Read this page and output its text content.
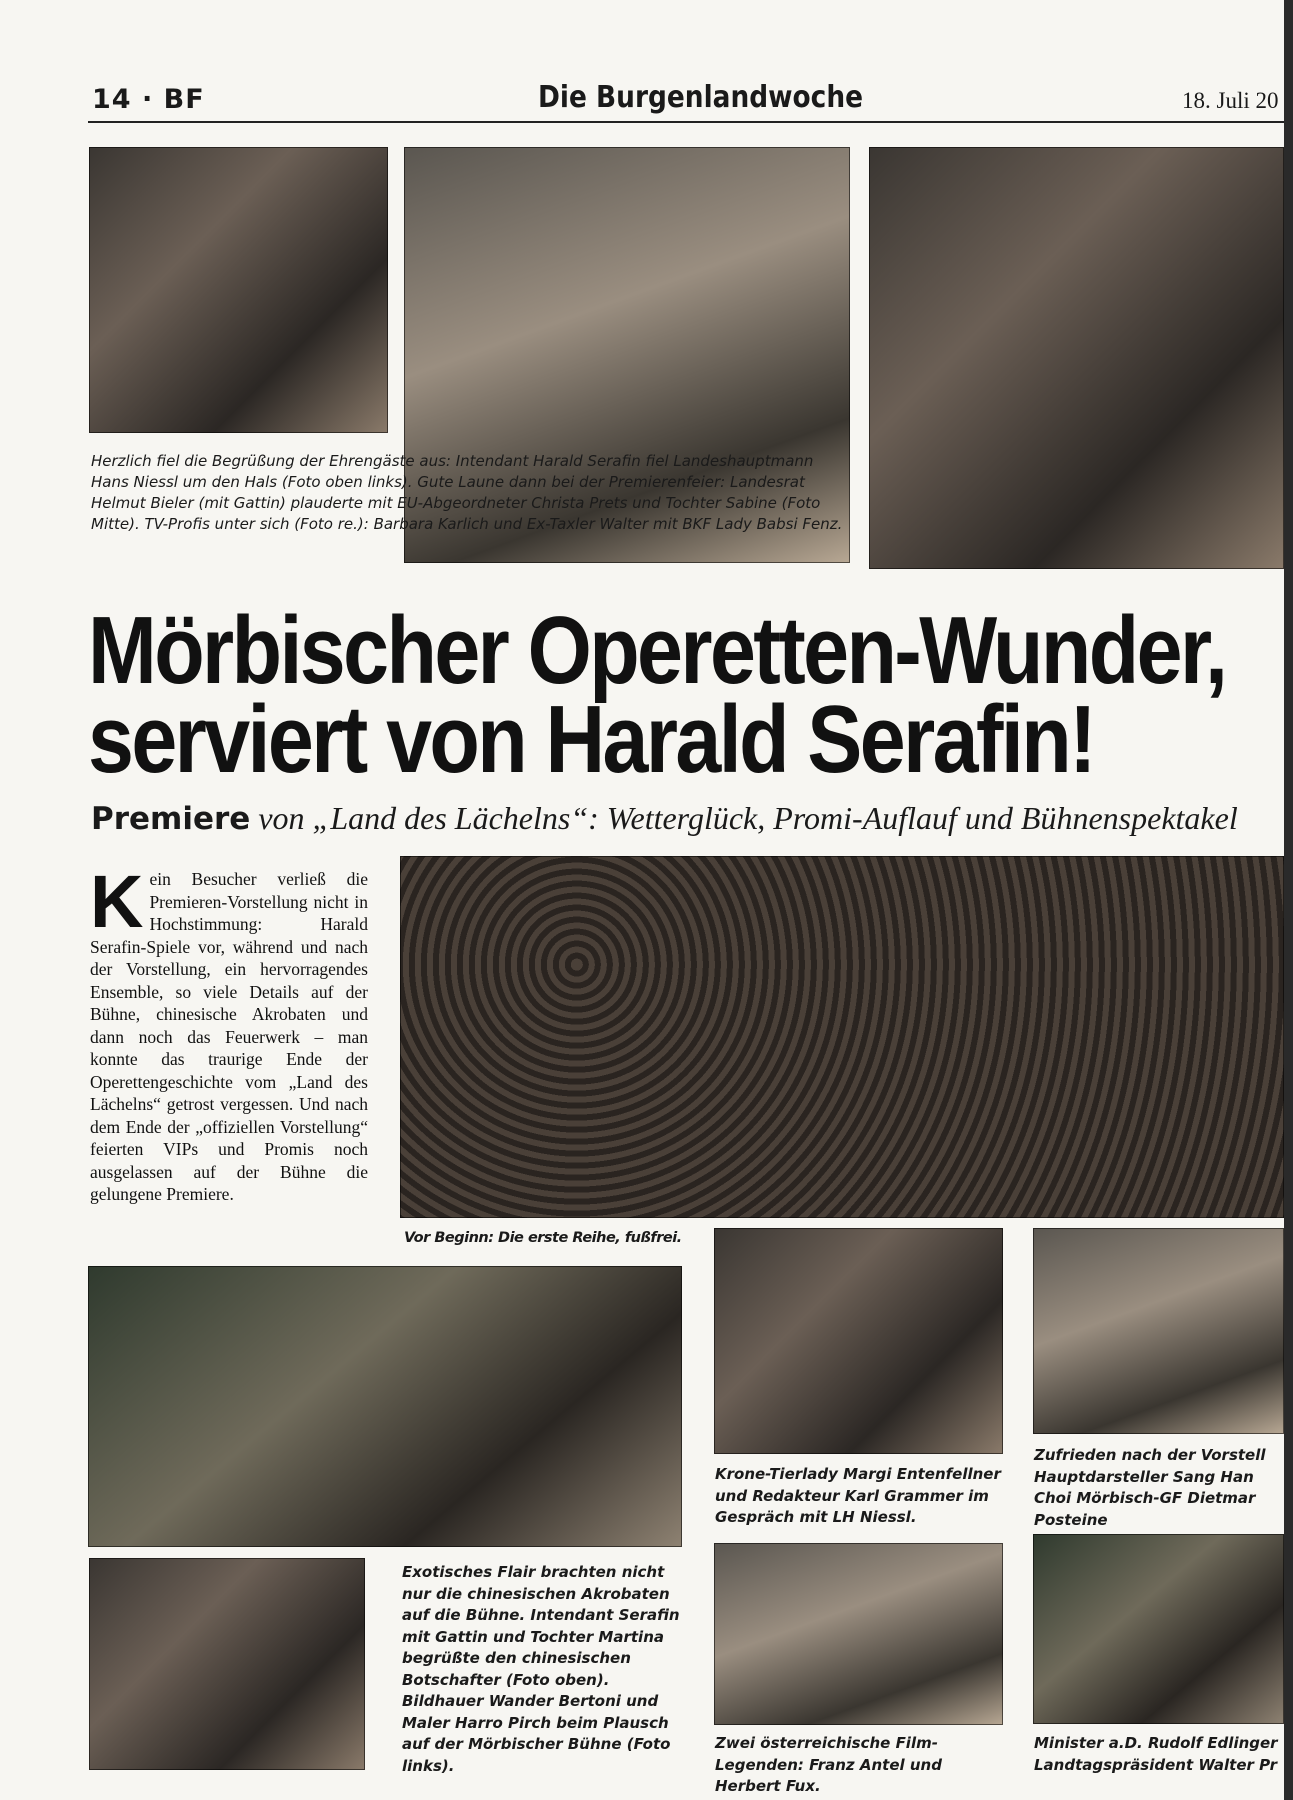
14 · BF	Die Burgenlandwoche	18. Juli 20
Herzlich fiel die Begrüßung der Ehrengäste aus: Intendant Harald Serafin fiel Landeshauptmann Hans Niessl um den Hals (Foto oben links). Gute Laune dann bei der Premierenfeier: Landesrat Helmut Bieler (mit Gattin) plauderte mit EU-Abgeordneter Christa Prets und Tochter Sabine (Foto Mitte). TV-Profis unter sich (Foto re.): Barbara Karlich und Ex-Taxler Walter mit BKF Lady Babsi Fenz.
Mörbischer Operetten-Wunder,
serviert von Harald Serafin!
Premiere von „Land des Lächelns“: Wetterglück, Promi-Auflauf und Bühnenspektakel
Kein Besucher verließ die Premieren-Vorstellung nicht in Hochstimmung: Harald Serafin-Spiele vor, während und nach der Vorstellung, ein hervorragendes Ensemble, so viele Details auf der Bühne, chinesische Akrobaten und dann noch das Feuerwerk – man konnte das traurige Ende der Operettengeschichte vom „Land des Lächelns“ getrost vergessen. Und nach dem Ende der „offiziellen Vorstellung“ feierten VIPs und Promis noch ausgelassen auf der Bühne die gelungene Premiere.
Vor Beginn: Die erste Reihe, fußfrei.
Krone-Tierlady Margi Entenfellner und Redakteur Karl Grammer im Gespräch mit LH Niessl.
Zufrieden nach der Vorstell Hauptdarsteller Sang Han Choi Mörbisch-GF Dietmar Posteine
Exotisches Flair brachten nicht nur die chinesischen Akrobaten auf die Bühne. Intendant Serafin mit Gattin und Tochter Martina begrüßte den chinesischen Botschafter (Foto oben). Bildhauer Wander Bertoni und Maler Harro Pirch beim Plausch auf der Mörbischer Bühne (Foto links).
Zwei österreichische Film-Legenden: Franz Antel und Herbert Fux.
Minister a.D. Rudolf Edlinger Landtagspräsident Walter Pr
